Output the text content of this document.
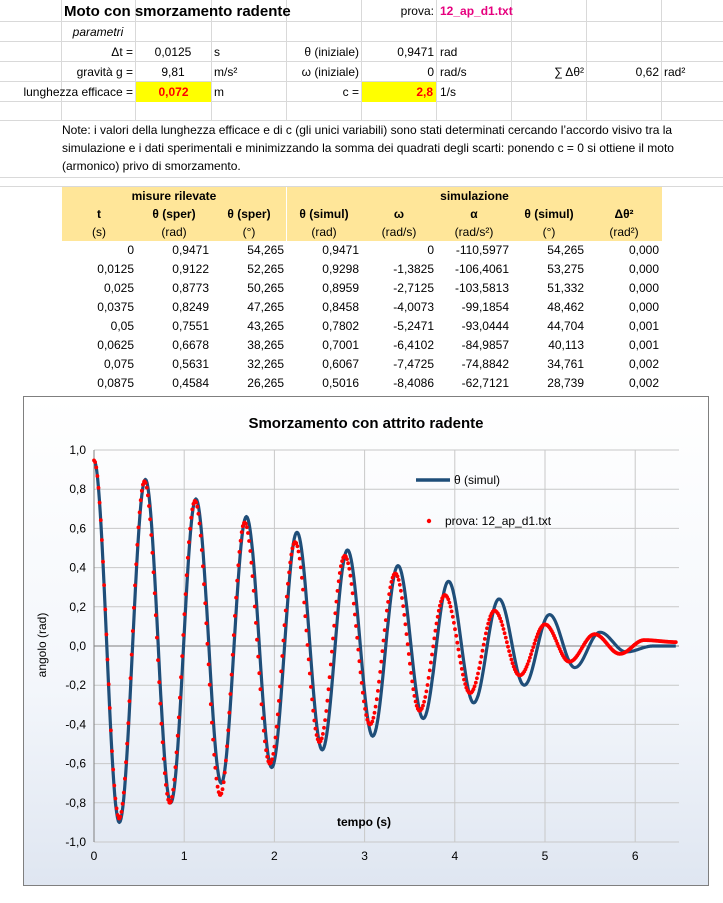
Moto con smorzamento radente	prova: 12_ap_d1.txt
parametri
Δt =	0,0125	s	θ (iniziale)	0,9471 rad
gravità g =	9,81	m/s²	ω (iniziale)	0 rad/s	∑ Δθ²	0,62 rad²
lunghezza efficace =	0,072	m	c =	2,8 1/s
Note: i valori della lunghezza efficace e di c (gli unici variabili) sono stati determinati cercando l’accordo visivo tra la simulazione e i dati sperimentali e minimizzando la somma dei quadrati degli scarti: ponendo c = 0 si ottiene il moto (armonico) privo di smorzamento.
misure rilevate	simulazione
t	θ (sper)	θ (sper)	θ (simul)	ω	α	θ (simul)	Δθ²
(s)	(rad)	(°)	(rad)	(rad/s)	(rad/s²)	(°)	(rad²)
0	0,9471	54,265	0,9471	0	-110,5977	54,265	0,000
0,0125	0,9122	52,265	0,9298	-1,3825	-106,4061	53,275	0,000
0,025	0,8773	50,265	0,8959	-2,7125	-103,5813	51,332	0,000
0,0375	0,8249	47,265	0,8458	-4,0073	-99,1854	48,462	0,000
0,05	0,7551	43,265	0,7802	-5,2471	-93,0444	44,704	0,001
0,0625	0,6678	38,265	0,7001	-6,4102	-84,9857	40,113	0,001
0,075	0,5631	32,265	0,6067	-7,4725	-74,8842	34,761	0,002
0,0875	0,4584	26,265	0,5016	-8,4086	-62,7121	28,739	0,002
Smorzamento con attrito radente
1,0
0,8
0,6
0,4
0,2
0,0
-0,2
-0,4
-0,6
-0,8
-1,0
0	1	2	3	4	5	6
angolo (rad)
tempo (s)
θ (simul)
prova: 12_ap_d1.txt
